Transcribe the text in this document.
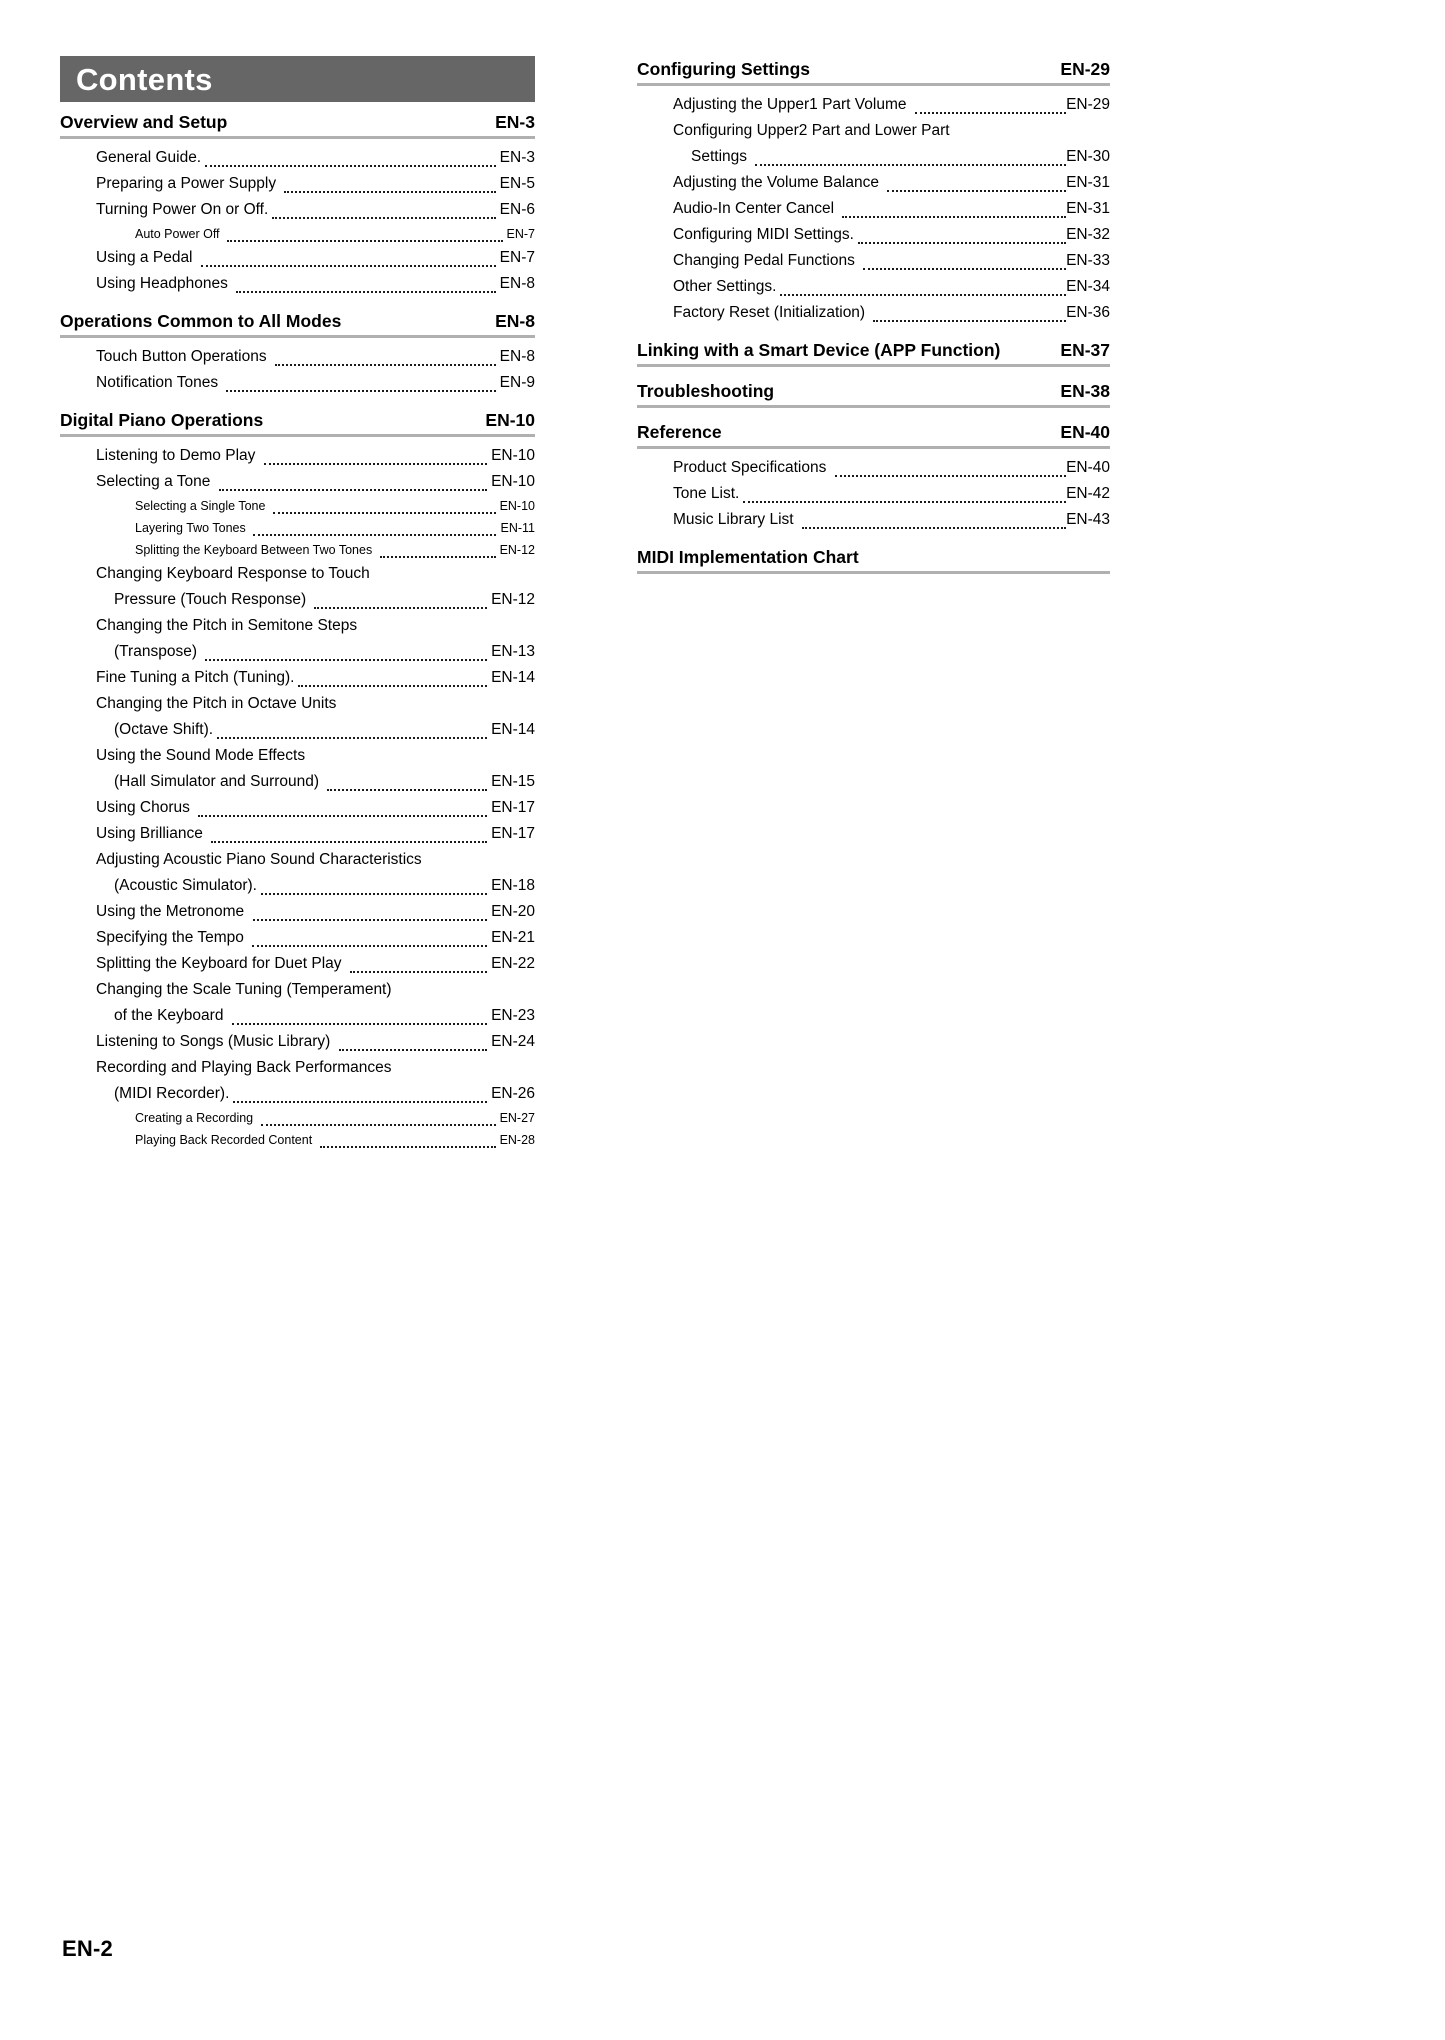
Contents
Overview and Setup	EN-3
General Guide.	EN-3
Preparing a Power Supply	EN-5
Turning Power On or Off.	EN-6
Auto Power Off	EN-7
Using a Pedal	EN-7
Using Headphones	EN-8
Operations Common to All Modes	EN-8
Touch Button Operations	EN-8
Notification Tones	EN-9
Digital Piano Operations	EN-10
Listening to Demo Play	EN-10
Selecting a Tone	EN-10
Selecting a Single Tone	EN-10
Layering Two Tones	EN-11
Splitting the Keyboard Between Two Tones	EN-12
Changing Keyboard Response to Touch
Pressure (Touch Response)	EN-12
Changing the Pitch in Semitone Steps
(Transpose)	EN-13
Fine Tuning a Pitch (Tuning).	EN-14
Changing the Pitch in Octave Units
(Octave Shift).	EN-14
Using the Sound Mode Effects
(Hall Simulator and Surround)	EN-15
Using Chorus	EN-17
Using Brilliance	EN-17
Adjusting Acoustic Piano Sound Characteristics
(Acoustic Simulator).	EN-18
Using the Metronome	EN-20
Specifying the Tempo	EN-21
Splitting the Keyboard for Duet Play	EN-22
Changing the Scale Tuning (Temperament)
of the Keyboard	EN-23
Listening to Songs (Music Library)	EN-24
Recording and Playing Back Performances
(MIDI Recorder).	EN-26
Creating a Recording	EN-27
Playing Back Recorded Content	EN-28
Configuring Settings	EN-29
Adjusting the Upper1 Part Volume	EN-29
Configuring Upper2 Part and Lower Part
Settings	EN-30
Adjusting the Volume Balance	EN-31
Audio-In Center Cancel	EN-31
Configuring MIDI Settings.	EN-32
Changing Pedal Functions	EN-33
Other Settings.	EN-34
Factory Reset (Initialization)	EN-36
Linking with a Smart Device (APP Function)	EN-37
Troubleshooting	EN-38
Reference	EN-40
Product Specifications	EN-40
Tone List.	EN-42
Music Library List	EN-43
MIDI Implementation Chart
EN-2
